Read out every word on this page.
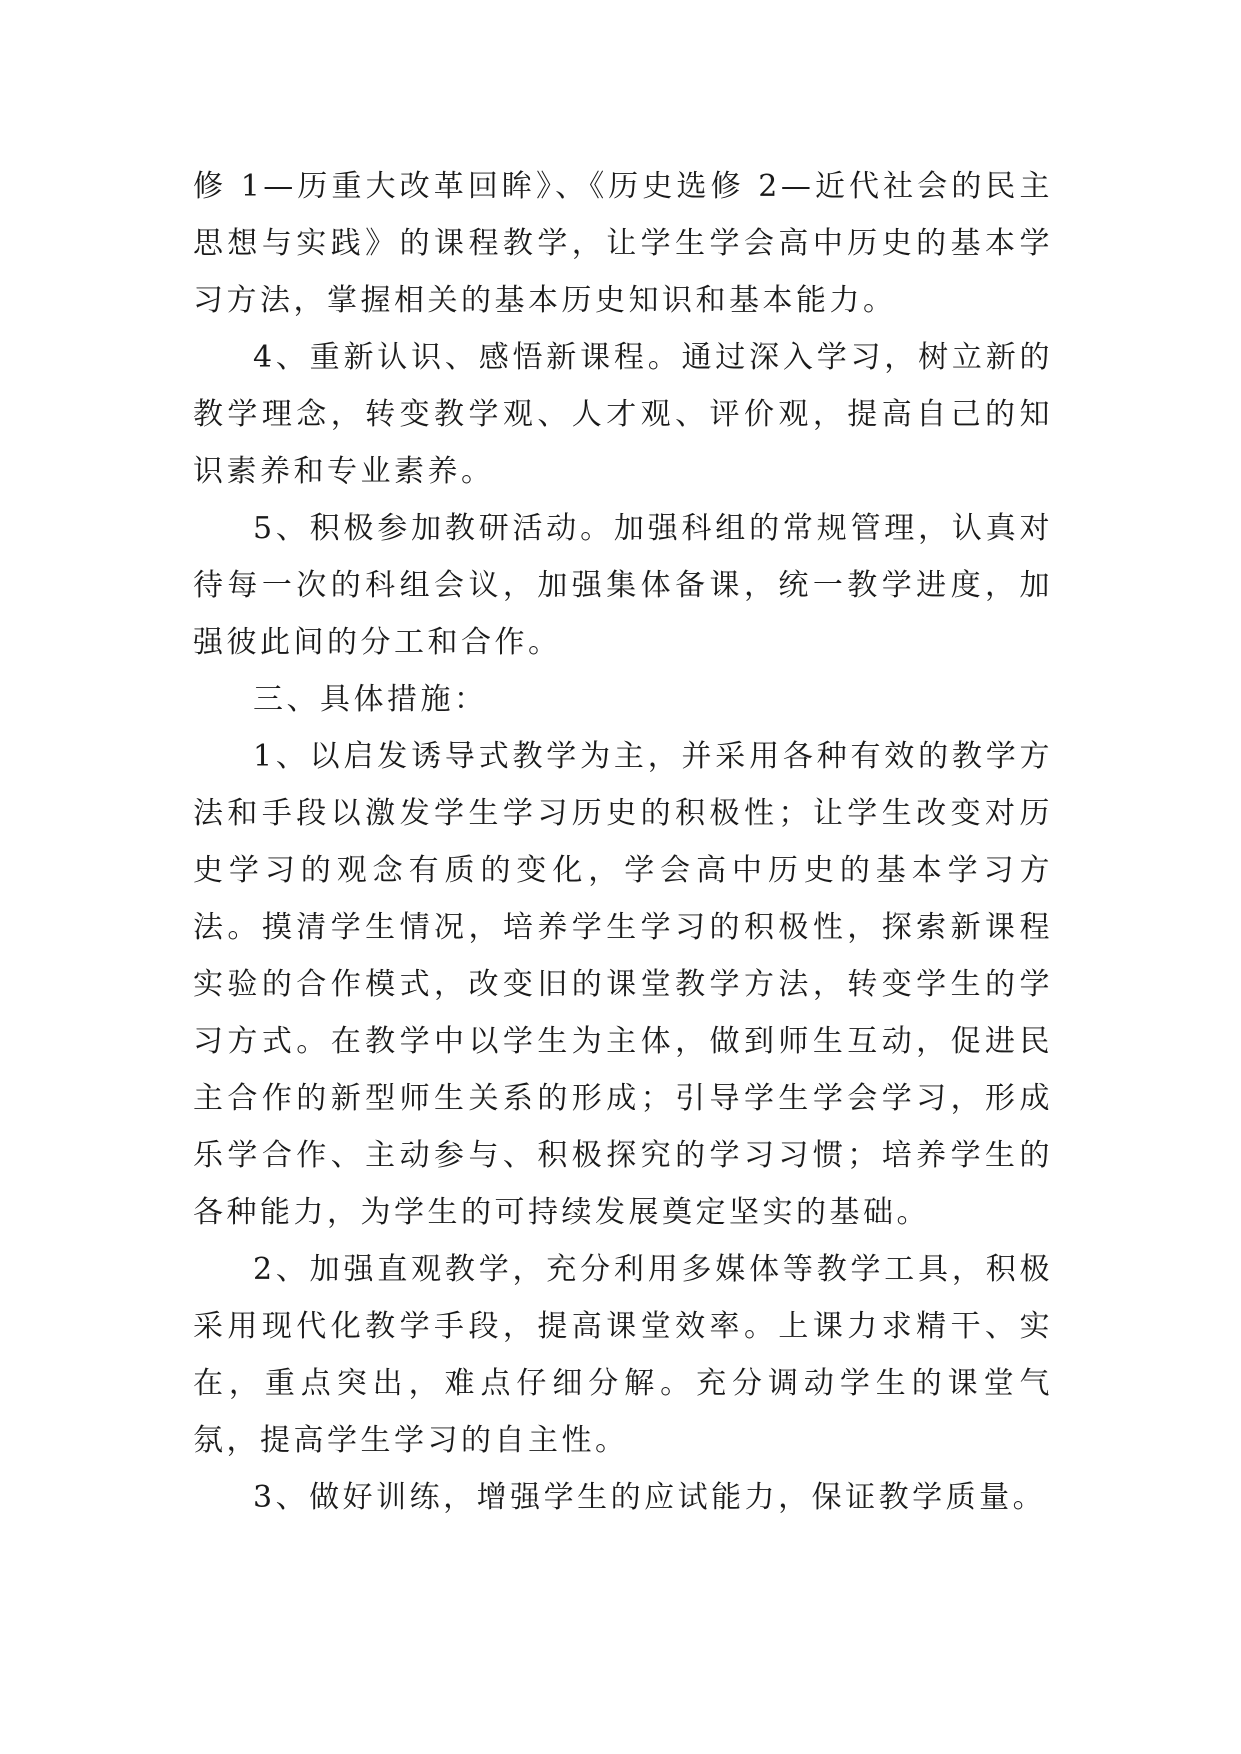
修 1—历重大改革回眸》、《历史选修 2—近代社会的民主思想与实践》的课程教学，让学生学会高中历史的基本学习方法，掌握相关的基本历史知识和基本能力。

4、重新认识、感悟新课程。通过深入学习，树立新的教学理念，转变教学观、人才观、评价观，提高自己的知识素养和专业素养。

5、积极参加教研活动。加强科组的常规管理，认真对待每一次的科组会议，加强集体备课，统一教学进度，加强彼此间的分工和合作。

三、具体措施：

1、以启发诱导式教学为主，并采用各种有效的教学方法和手段以激发学生学习历史的积极性；让学生改变对历史学习的观念有质的变化，学会高中历史的基本学习方法。摸清学生情况，培养学生学习的积极性，探索新课程实验的合作模式，改变旧的课堂教学方法，转变学生的学习方式。在教学中以学生为主体，做到师生互动，促进民主合作的新型师生关系的形成；引导学生学会学习，形成乐学合作、主动参与、积极探究的学习习惯；培养学生的各种能力，为学生的可持续发展奠定坚实的基础。

2、加强直观教学，充分利用多媒体等教学工具，积极采用现代化教学手段，提高课堂效率。上课力求精干、实在，重点突出，难点仔细分解。充分调动学生的课堂气氛，提高学生学习的自主性。

3、做好训练，增强学生的应试能力，保证教学质量。
